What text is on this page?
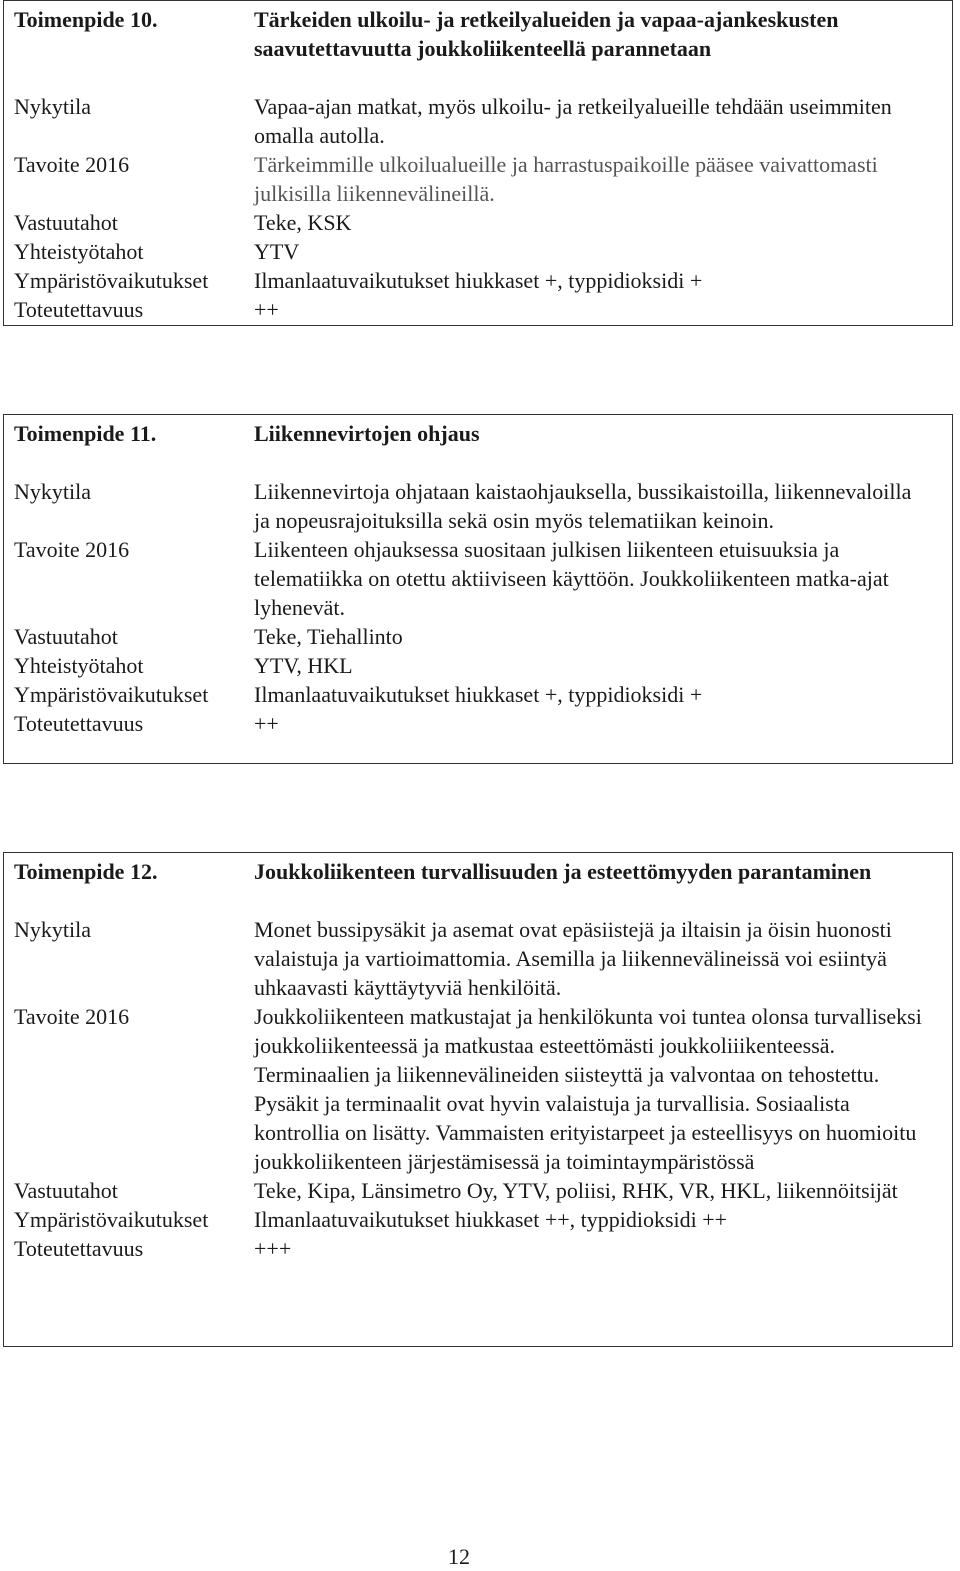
Toimenpide 10.	Tärkeiden ulkoilu- ja retkeilyalueiden ja vapaa-ajankeskusten saavutettavuutta joukkoliikenteellä parannetaan
Nykytila	Vapaa-ajan matkat, myös ulkoilu- ja retkeilyalueille tehdään useimmiten omalla autolla.
Tavoite 2016	Tärkeimmille ulkoilualueille ja harrastuspaikoille pääsee vaivattomasti julkisilla liikennevälineillä.
Vastuutahot	Teke, KSK
Yhteistyötahot	YTV
Ympäristövaikutukset	Ilmanlaatuvaikutukset hiukkaset +, typpidioksidi +
Toteutettavuus	++
Toimenpide 11.	Liikennevirtojen ohjaus
Nykytila	Liikennevirtoja ohjataan kaistaohjauksella, bussikaistoilla, liikennevaloilla ja nopeusrajoituksilla sekä osin myös telematiikan keinoin.
Tavoite 2016	Liikenteen ohjauksessa suositaan julkisen liikenteen etuisuuksia ja telematiikka on otettu aktiiviseen käyttöön. Joukkoliikenteen matka-ajat lyhenevät.
Vastuutahot	Teke, Tiehallinto
Yhteistyötahot	YTV, HKL
Ympäristövaikutukset	Ilmanlaatuvaikutukset hiukkaset +, typpidioksidi +
Toteutettavuus	++
Toimenpide 12.	Joukkoliikenteen turvallisuuden ja esteettömyyden parantaminen
Nykytila	Monet bussipysäkit ja asemat ovat epäsiistejä ja iltaisin ja öisin huonosti valaistuja ja vartioimattomia. Asemilla ja liikennevälineissä voi esiintyä uhkaavasti käyttäytyviä henkilöitä.
Tavoite 2016	Joukkoliikenteen matkustajat ja henkilökunta voi tuntea olonsa turvalliseksi joukkoliikenteessä ja matkustaa esteettömästi joukkoliiikenteessä. Terminaalien ja liikennevälineiden siisteyttä ja valvontaa on tehostettu. Pysäkit ja terminaalit ovat hyvin valaistuja ja turvallisia. Sosiaalista kontrollia on lisätty. Vammaisten erityistarpeet ja esteellisyys on huomioitu joukkoliikenteen järjestämisessä ja toimintaympäristössä
Vastuutahot	Teke, Kipa, Länsimetro Oy, YTV, poliisi, RHK, VR, HKL, liikennöitsijät
Ympäristövaikutukset	Ilmanlaatuvaikutukset hiukkaset ++, typpidioksidi ++
Toteutettavuus	+++
12
